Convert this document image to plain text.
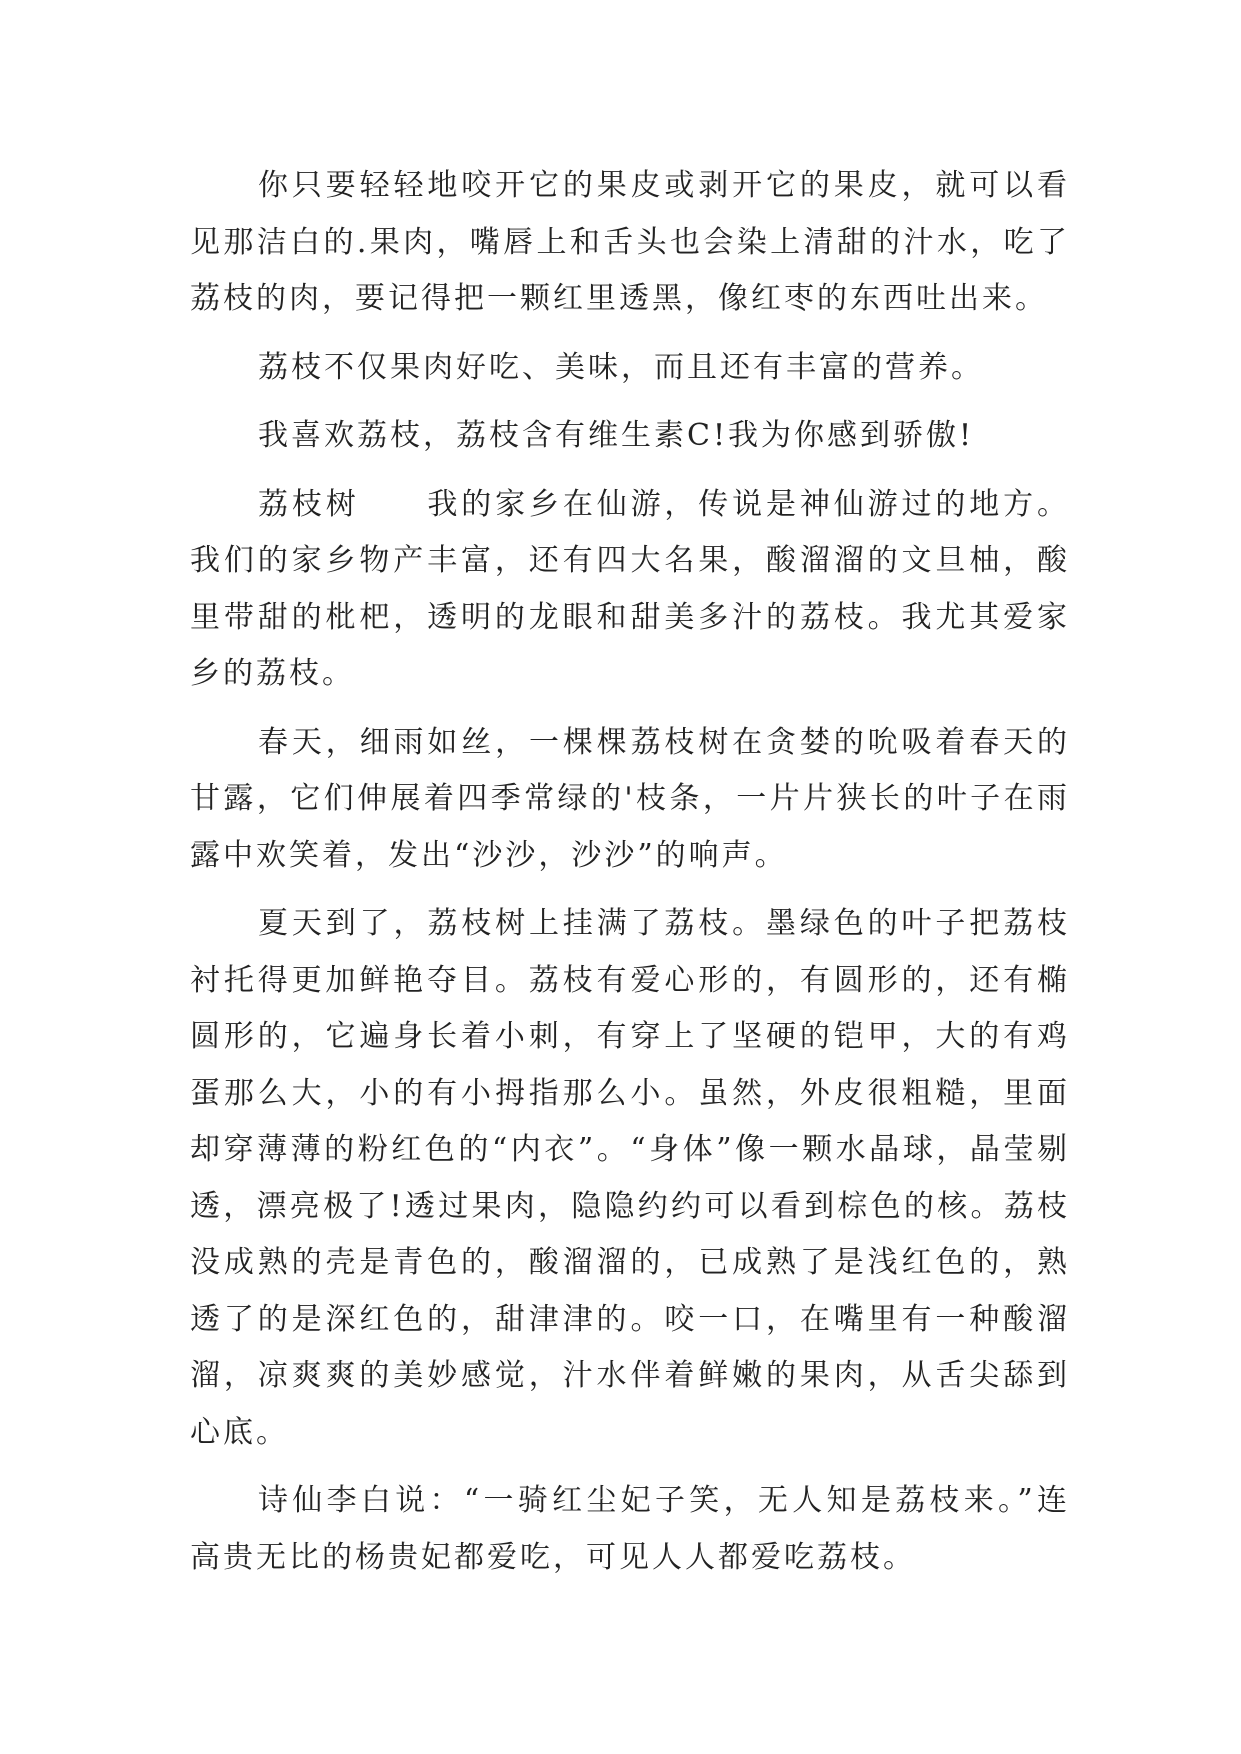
你只要轻轻地咬开它的果皮或剥开它的果皮，就可以看见那洁白的.果肉，嘴唇上和舌头也会染上清甜的汁水，吃了荔枝的肉，要记得把一颗红里透黑，像红枣的东西吐出来。

荔枝不仅果肉好吃、美味，而且还有丰富的营养。

我喜欢荔枝，荔枝含有维生素C!我为你感到骄傲!

荔枝树　　我的家乡在仙游，传说是神仙游过的地方。我们的家乡物产丰富，还有四大名果，酸溜溜的文旦柚，酸里带甜的枇杷，透明的龙眼和甜美多汁的荔枝。我尤其爱家乡的荔枝。

春天，细雨如丝，一棵棵荔枝树在贪婪的吮吸着春天的甘露，它们伸展着四季常绿的'枝条，一片片狭长的叶子在雨露中欢笑着，发出“沙沙，沙沙”的响声。

夏天到了，荔枝树上挂满了荔枝。墨绿色的叶子把荔枝衬托得更加鲜艳夺目。荔枝有爱心形的，有圆形的，还有椭圆形的，它遍身长着小刺，有穿上了坚硬的铠甲，大的有鸡蛋那么大，小的有小拇指那么小。虽然，外皮很粗糙，里面却穿薄薄的粉红色的“内衣”。“身体”像一颗水晶球，晶莹剔透，漂亮极了!透过果肉，隐隐约约可以看到棕色的核。荔枝没成熟的壳是青色的，酸溜溜的，已成熟了是浅红色的，熟透了的是深红色的，甜津津的。咬一口，在嘴里有一种酸溜溜，凉爽爽的美妙感觉，汁水伴着鲜嫩的果肉，从舌尖舔到心底。

诗仙李白说：“一骑红尘妃子笑，无人知是荔枝来。”连高贵无比的杨贵妃都爱吃，可见人人都爱吃荔枝。
